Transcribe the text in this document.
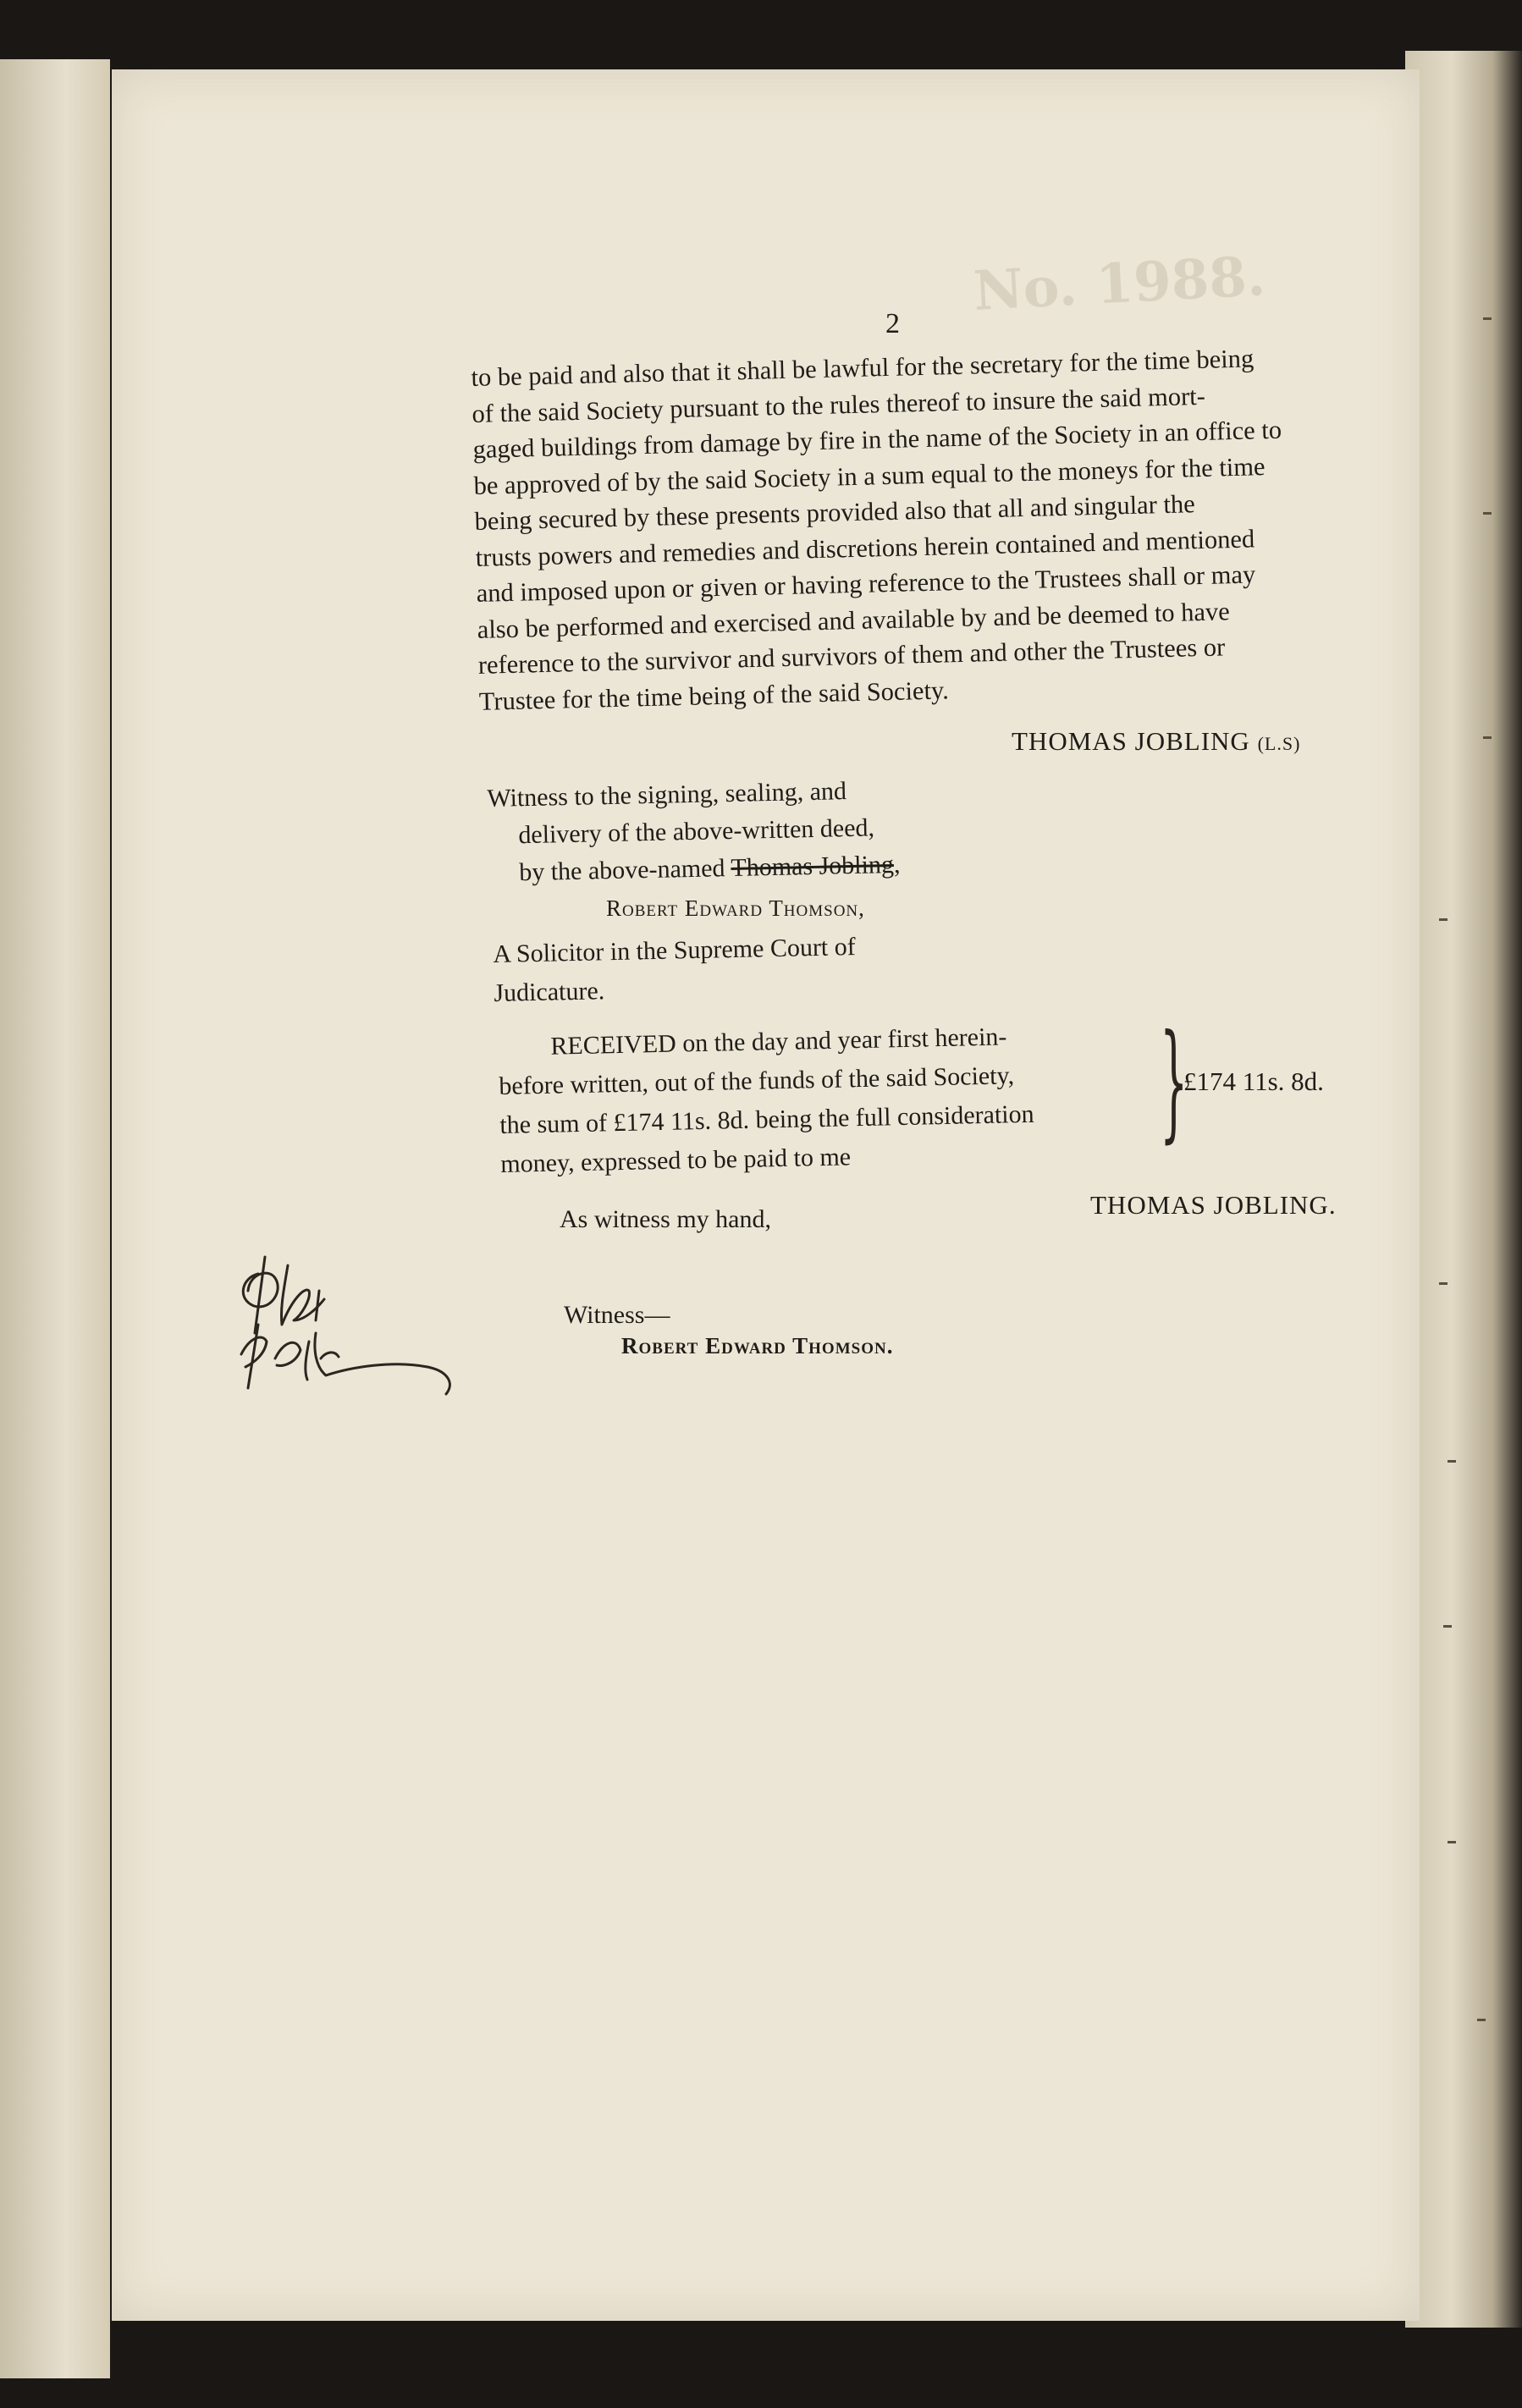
No. 1988.
2
to be paid and also that it shall be lawful for the secretary for the time being
of the said Society pursuant to the rules thereof to insure the said mort-
gaged buildings from damage by fire in the name of the Society in an office to
be approved of by the said Society in a sum equal to the moneys for the time
being secured by these presents provided also that all and singular the
trusts powers and remedies and discretions herein contained and mentioned
and imposed upon or given or having reference to the Trustees shall or may
also be performed and exercised and available by and be deemed to have
reference to the survivor and survivors of them and other the Trustees or
Trustee for the time being of the said Society.
THOMAS JOBLING (L.S)
Witness to the signing, sealing, and
delivery of the above-written deed,
by the above-named Thomas Jobling,
Robert Edward Thomson,
A Solicitor in the Supreme Court of
Judicature.
RECEIVED on the day and year first herein-
before written, out of the funds of the said Society,
the sum of £174 11s. 8d. being the full consideration
money, expressed to be paid to me
}
£174 11s. 8d.
As witness my hand,	THOMAS JOBLING.
Witness—
Robert Edward Thomson.
